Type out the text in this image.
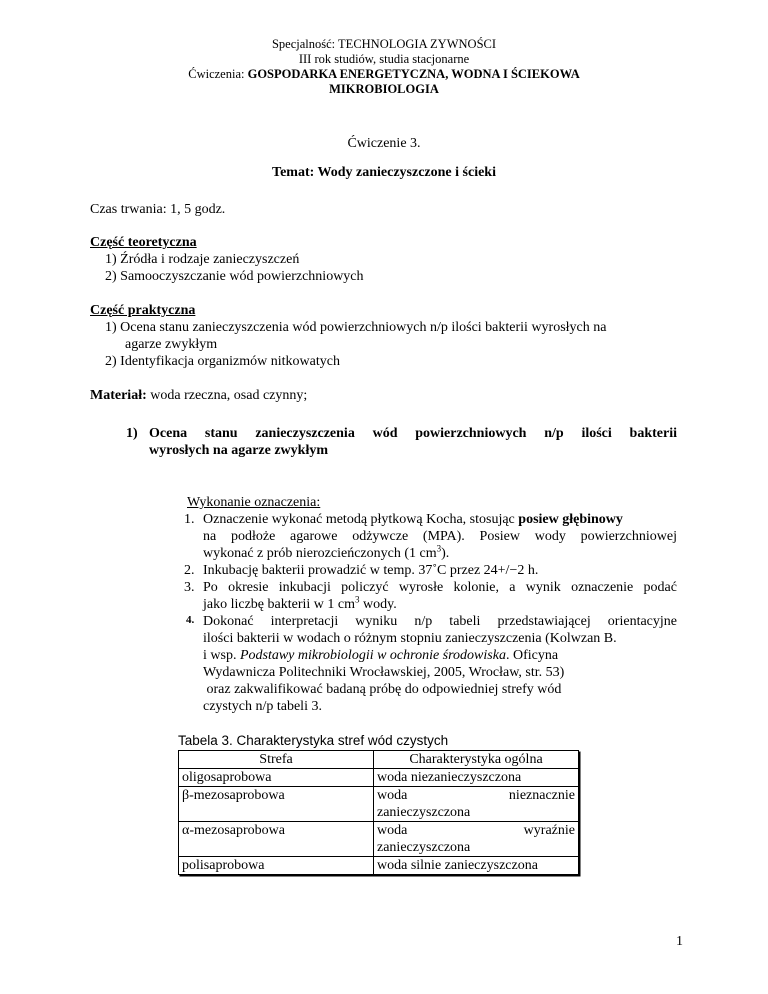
Specjalność: TECHNOLOGIA ZYWNOŚCI
III rok studiów, studia stacjonarne
Ćwiczenia: GOSPODARKA ENERGETYCZNA, WODNA I ŚCIEKOWA
MIKROBIOLOGIA
Ćwiczenie 3.
Temat: Wody zanieczyszczone i ścieki
Czas trwania: 1, 5 godz.
Część teoretyczna
1) Źródła i rodzaje zanieczyszczeń
2) Samooczyszczanie wód powierzchniowych
Część praktyczna
1) Ocena stanu zanieczyszczenia wód powierzchniowych n/p ilości bakterii wyrosłych na
agarze zwykłym
2) Identyfikacja organizmów nitkowatych
Materiał: woda rzeczna, osad czynny;
1) Ocena stanu zanieczyszczenia wód powierzchniowych n/p ilości bakterii
wyrosłych na agarze zwykłym
Wykonanie oznaczenia:
1. Oznaczenie wykonać metodą płytkową Kocha, stosując posiew głębinowy
na podłoże agarowe odżywcze (MPA). Posiew wody powierzchniowej
wykonać z prób nierozcieńczonych (1 $cm^3$).
2. Inkubację bakterii prowadzić w temp. 37˚C przez 24+/−2 h.
3. Po okresie inkubacji policzyć wyrosłe kolonie, a wynik oznaczenie podać
jako liczbę bakterii w 1 $cm^3$ wody.
4. Dokonać interpretacji wyniku n/p tabeli przedstawiającej orientacyjne
ilości bakterii w wodach o różnym stopniu zanieczyszczenia (Kolwzan B.
i wsp. Podstawy mikrobiologii w ochronie środowiska. Oficyna
Wydawnicza Politechniki Wrocławskiej, 2005, Wrocław, str. 53)
oraz zakwalifikować badaną próbę do odpowiedniej strefy wód
czystych n/p tabeli 3.
Tabela 3. Charakterystyka stref wód czystych
1
Strefa	Charakterystyka ogólna
oligosaprobowa	woda niezanieczyszczona
β-mezosaprobowa	woda nieznacznie
zanieczyszczona
α-mezosaprobowa	woda wyraźnie
zanieczyszczona
polisaprobowa	woda silnie zanieczyszczona
